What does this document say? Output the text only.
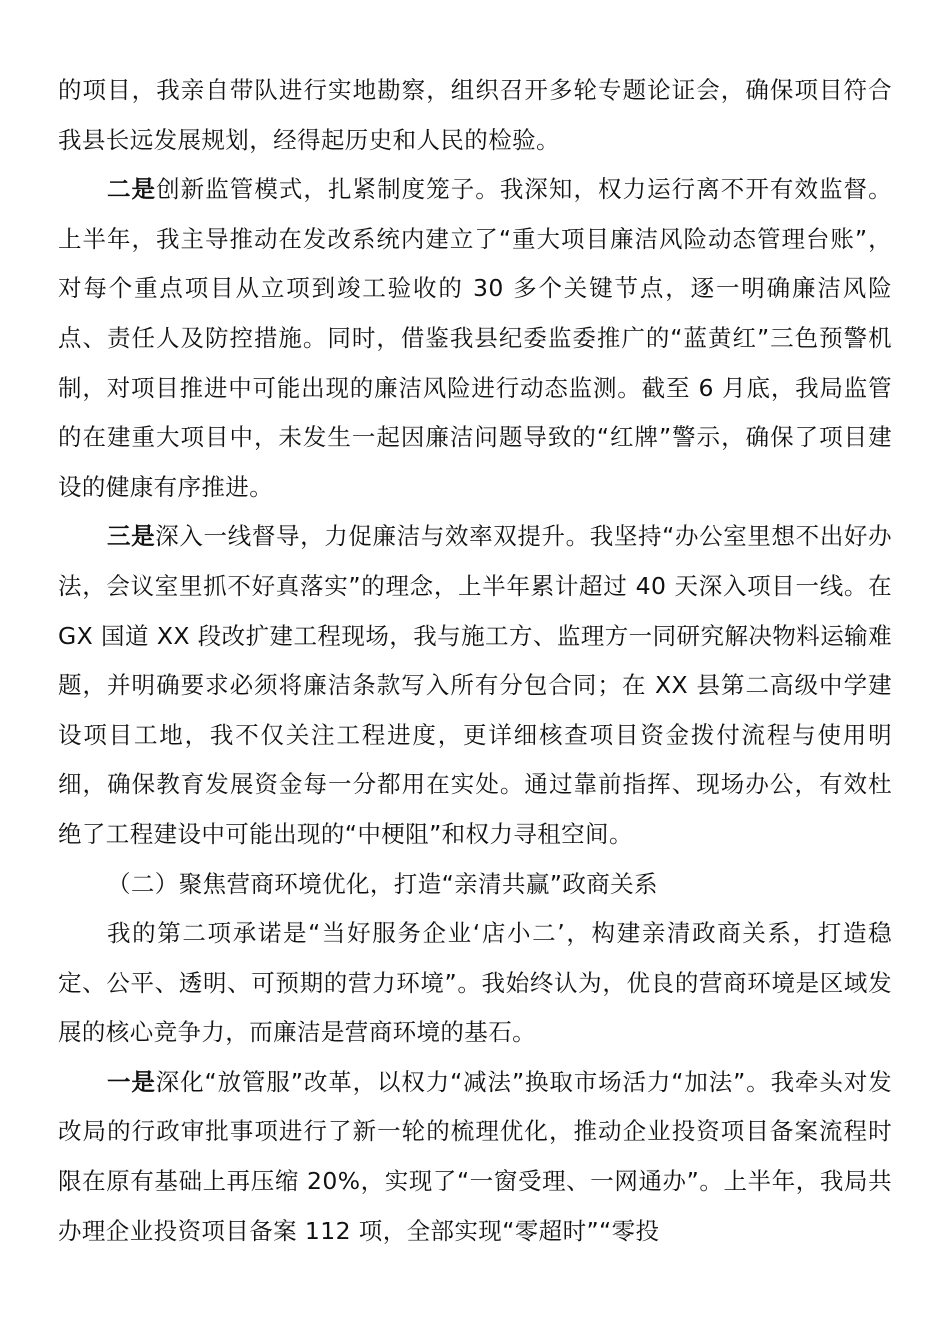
的项目，我亲自带队进行实地勘察，组织召开多轮专题论证会，确保项目符合我县长远发展规划，经得起历史和人民的检验。

二是创新监管模式，扎紧制度笼子。我深知，权力运行离不开有效监督。上半年，我主导推动在发改系统内建立了“重大项目廉洁风险动态管理台账”，对每个重点项目从立项到竣工验收的 30 多个关键节点，逐一明确廉洁风险点、责任人及防控措施。同时，借鉴我县纪委监委推广的“蓝黄红”三色预警机制，对项目推进中可能出现的廉洁风险进行动态监测。截至 6 月底，我局监管的在建重大项目中，未发生一起因廉洁问题导致的“红牌”警示，确保了项目建设的健康有序推进。

三是深入一线督导，力促廉洁与效率双提升。我坚持“办公室里想不出好办法，会议室里抓不好真落实”的理念，上半年累计超过 40 天深入项目一线。在 GX 国道 XX 段改扩建工程现场，我与施工方、监理方一同研究解决物料运输难题，并明确要求必须将廉洁条款写入所有分包合同；在 XX 县第二高级中学建设项目工地，我不仅关注工程进度，更详细核查项目资金拨付流程与使用明细，确保教育发展资金每一分都用在实处。通过靠前指挥、现场办公，有效杜绝了工程建设中可能出现的“中梗阻”和权力寻租空间。

（二）聚焦营商环境优化，打造“亲清共赢”政商关系

我的第二项承诺是“当好服务企业‘店小二’，构建亲清政商关系，打造稳定、公平、透明、可预期的营力环境”。我始终认为，优良的营商环境是区域发展的核心竞争力，而廉洁是营商环境的基石。

一是深化“放管服”改革，以权力“减法”换取市场活力“加法”。我牵头对发改局的行政审批事项进行了新一轮的梳理优化，推动企业投资项目备案流程时限在原有基础上再压缩 20%，实现了“一窗受理、一网通办”。上半年，我局共办理企业投资项目备案 112 项，全部实现“零超时”“零投
